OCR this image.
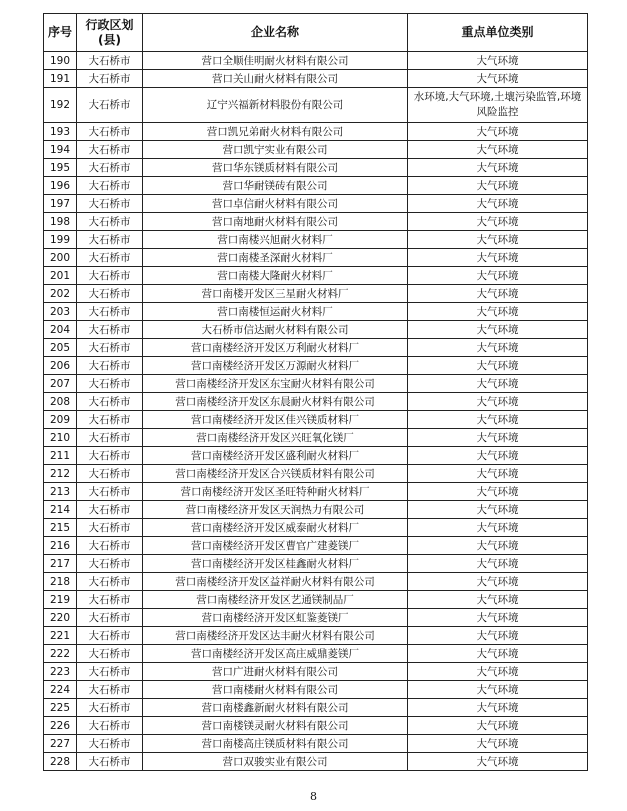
序号	行政区划(县)	企业名称	重点单位类别
190	大石桥市	营口全顺佳明耐火材料有限公司	大气环境
191	大石桥市	营口关山耐火材料有限公司	大气环境
192	大石桥市	辽宁兴福新材料股份有限公司	水环境,大气环境,土壤污染监管,环境风险监控
193	大石桥市	营口凯兄弟耐火材料有限公司	大气环境
194	大石桥市	营口凯宁实业有限公司	大气环境
195	大石桥市	营口华东镁质材料有限公司	大气环境
196	大石桥市	营口华耐镁砖有限公司	大气环境
197	大石桥市	营口卓信耐火材料有限公司	大气环境
198	大石桥市	营口南地耐火材料有限公司	大气环境
199	大石桥市	营口南楼兴旭耐火材料厂	大气环境
200	大石桥市	营口南楼圣深耐火材料厂	大气环境
201	大石桥市	营口南楼大隆耐火材料厂	大气环境
202	大石桥市	营口南楼开发区三星耐火材料厂	大气环境
203	大石桥市	营口南楼恒运耐火材料厂	大气环境
204	大石桥市	大石桥市信达耐火材料有限公司	大气环境
205	大石桥市	营口南楼经济开发区万利耐火材料厂	大气环境
206	大石桥市	营口南楼经济开发区万源耐火材料厂	大气环境
207	大石桥市	营口南楼经济开发区东宝耐火材料有限公司	大气环境
208	大石桥市	营口南楼经济开发区东晨耐火材料有限公司	大气环境
209	大石桥市	营口南楼经济开发区佳兴镁质材料厂	大气环境
210	大石桥市	营口南楼经济开发区兴旺氧化镁厂	大气环境
211	大石桥市	营口南楼经济开发区盛利耐火材料厂	大气环境
212	大石桥市	营口南楼经济开发区合兴镁质材料有限公司	大气环境
213	大石桥市	营口南楼经济开发区圣旺特种耐火材料厂	大气环境
214	大石桥市	营口南楼经济开发区天润热力有限公司	大气环境
215	大石桥市	营口南楼经济开发区威泰耐火材料厂	大气环境
216	大石桥市	营口南楼经济开发区曹官广建菱镁厂	大气环境
217	大石桥市	营口南楼经济开发区桂鑫耐火材料厂	大气环境
218	大石桥市	营口南楼经济开发区益祥耐火材料有限公司	大气环境
219	大石桥市	营口南楼经济开发区艺通镁制品厂	大气环境
220	大石桥市	营口南楼经济开发区虹鉴菱镁厂	大气环境
221	大石桥市	营口南楼经济开发区达丰耐火材料有限公司	大气环境
222	大石桥市	营口南楼经济开发区高庄威鼎菱镁厂	大气环境
223	大石桥市	营口广进耐火材料有限公司	大气环境
224	大石桥市	营口南楼耐火材料有限公司	大气环境
225	大石桥市	营口南楼鑫新耐火材料有限公司	大气环境
226	大石桥市	营口南楼镁灵耐火材料有限公司	大气环境
227	大石桥市	营口南楼高庄镁质材料有限公司	大气环境
228	大石桥市	营口双骏实业有限公司	大气环境
8
